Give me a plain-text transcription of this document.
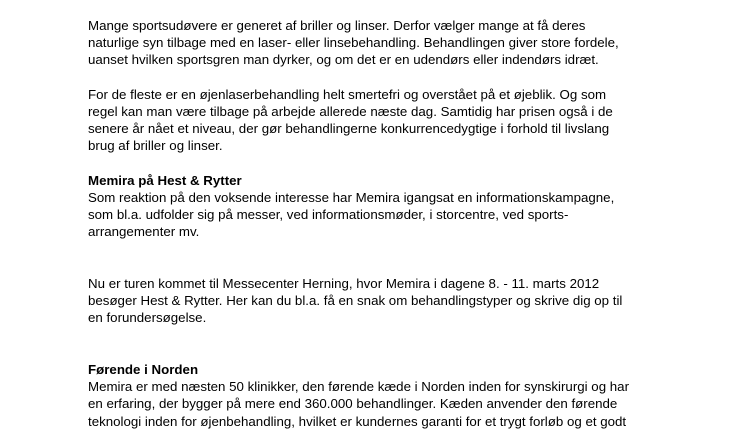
Mange sportsudøvere er generet af briller og linser. Derfor vælger mange at få deres
naturlige syn tilbage med en laser- eller linsebehandling. Behandlingen giver store fordele,
uanset hvilken sportsgren man dyrker, og om det er en udendørs eller indendørs idræt.

For de fleste er en øjenlaserbehandling helt smertefri og overstået på et øjeblik. Og som
regel kan man være tilbage på arbejde allerede næste dag. Samtidig har prisen også i de
senere år nået et niveau, der gør behandlingerne konkurrencedygtige i forhold til livslang
brug af briller og linser.

Memira på Hest & Rytter

Som reaktion på den voksende interesse har Memira igangsat en informationskampagne,
som bl.a. udfolder sig på messer, ved informationsmøder, i storcentre, ved sports-
arrangementer mv.

Nu er turen kommet til Messecenter Herning, hvor Memira i dagene 8. - 11. marts 2012
besøger Hest & Rytter. Her kan du bl.a. få en snak om behandlingstyper og skrive dig op til
en forundersøgelse.

Førende i Norden

Memira er med næsten 50 klinikker, den førende kæde i Norden inden for synskirurgi og har
en erfaring, der bygger på mere end 360.000 behandlinger. Kæden anvender den førende
teknologi inden for øjenbehandling, hvilket er kundernes garanti for et trygt forløb og et godt
